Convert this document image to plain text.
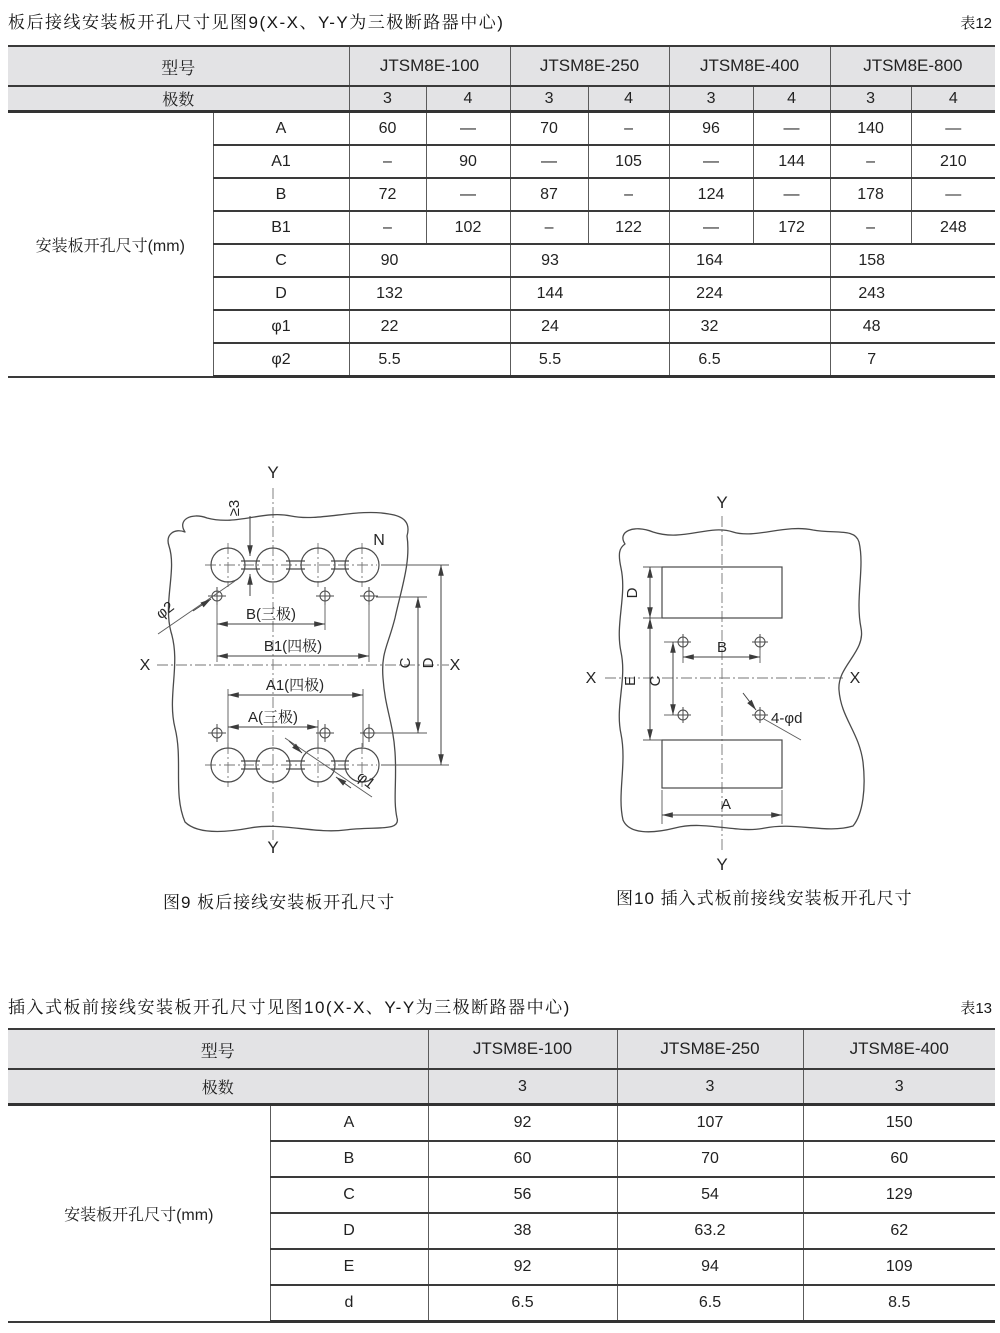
板后接线安装板开孔尺寸见图9(X-X、Y-Y为三极断路器中心)	表12
型号		JTSM8E-100		JTSM8E-250		JTSM8E-400		JTSM8E-800	
极数		3	4	3	4	3	4	3	4
安装板开孔尺寸(mm)	A	60	—	70	–	96	—	140	—
	A1	–	90	—	105	—	144	–	210
	B	72	—	87	–	124	—	178	—
	B1	–	102	–	122	—	172	–	248
	C	90		93		164		158	

	D	132		144		224		243	

	φ1	22		24		32		48	

	φ2	5.5		5.5		6.5		7	
Y
Y
X	X
N
≥3
φ2
φ1
B(三极)
B1(四极)
A1(四极)
A(三极)
C D
Y
Y
X	X
D
E C
B
A
4-φd
图9 板后接线安装板开孔尺寸	图10 插入式板前接线安装板开孔尺寸
插入式板前接线安装板开孔尺寸见图10(X-X、Y-Y为三极断路器中心)	表13
型号		JTSM8E-100	JTSM8E-250	JTSM8E-400
极数		3	3	3
安装板开孔尺寸(mm)	A	92	107	150
	B	60	70	60
	C	56	54	129
	D	38	63.2	62
	E	92	94	109
	d	6.5	6.5	8.5
